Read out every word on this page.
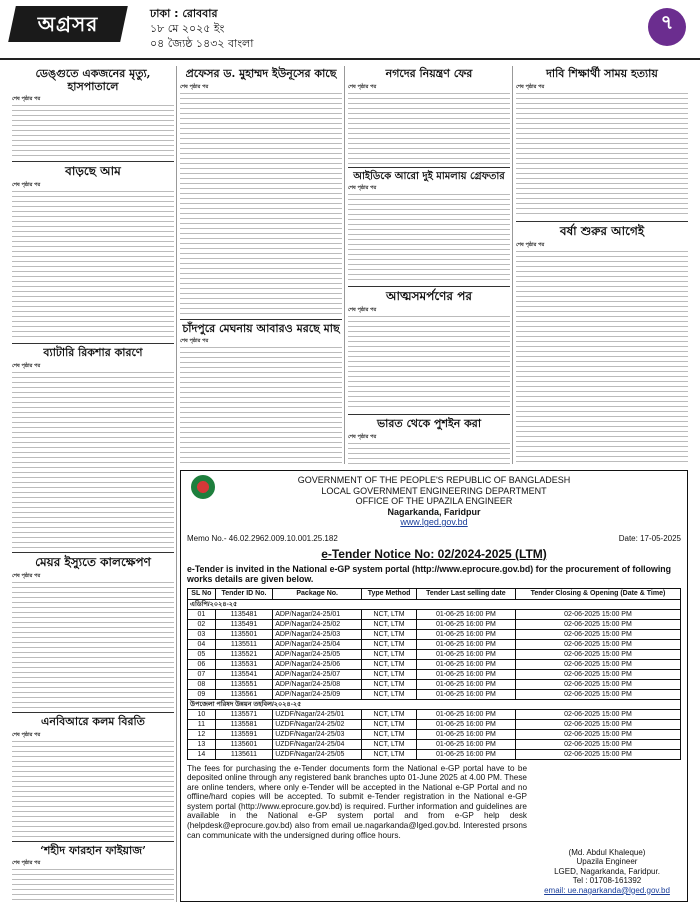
অগ্রসর	ঢাকা : রোববার
১৮ মে ২০২৫ ইং
০৪ জ্যৈষ্ঠ ১৪৩২ বাংলা
৭
ডেঙ্গুতে একজনের মৃত্যু, হাসপাতালে
শেষ পৃষ্ঠার পর
বাড়ছে আম
শেষ পৃষ্ঠার পর
ব্যাটারি রিকশার কারণে
শেষ পৃষ্ঠার পর
মেয়র ইস্যুতে কালক্ষেপণ
শেষ পৃষ্ঠার পর
এনবিআরে কলম বিরতি
শেষ পৃষ্ঠার পর
‘শহীদ ফারহান ফাইয়াজ’
শেষ পৃষ্ঠার পর
প্রফেসর ড. মুহাম্মদ ইউনূসের কাছে
শেষ পৃষ্ঠার পর
চাঁদপুরে মেঘনায় আবারও মরছে মাছ
শেষ পৃষ্ঠার পর
নগদের নিয়ন্ত্রণ ফের
শেষ পৃষ্ঠার পর
আইডিকে আরো দুই মামলায় গ্রেফতার
শেষ পৃষ্ঠার পর
আত্মসমর্পণের পর
শেষ পৃষ্ঠার পর
ভারত থেকে পুশইন করা
শেষ পৃষ্ঠার পর
দাবি শিক্ষার্থী সাময় হত্যায়
শেষ পৃষ্ঠার পর
বর্ষা শুরুর আগেই
শেষ পৃষ্ঠার পর
GOVERNMENT OF THE PEOPLE'S REPUBLIC OF BANGLADESH
LOCAL GOVERNMENT ENGINEERING DEPARTMENT
OFFICE OF THE UPAZILA ENGINEER
Nagarkanda, Faridpur
www.lged.gov.bd
Memo No.- 46.02.2962.009.10.001.25.182	Date: 17-05-2025
e-Tender Notice No: 02/2024-2025 (LTM)
e-Tender is invited in the National e-GP system portal (http://www.eprocure.gov.bd) for the procurement of following works details are given below.
SL No	Tender ID No.	Package No.	Type Method	Tender Last selling date	Tender Closing & Opening (Date & Time)
এডিপি/২০২৪-২৫					
01	1135481	ADP/Nagar/24-25/01	NCT, LTM	01-06-25 16:00 PM	02-06-2025 15:00 PM
02	1135491	ADP/Nagar/24-25/02	NCT, LTM	01-06-25 16:00 PM	02-06-2025 15:00 PM
03	1135501	ADP/Nagar/24-25/03	NCT, LTM	01-06-25 16:00 PM	02-06-2025 15:00 PM
04	1135511	ADP/Nagar/24-25/04	NCT, LTM	01-06-25 16:00 PM	02-06-2025 15:00 PM
05	1135521	ADP/Nagar/24-25/05	NCT, LTM	01-06-25 16:00 PM	02-06-2025 15:00 PM
06	1135531	ADP/Nagar/24-25/06	NCT, LTM	01-06-25 16:00 PM	02-06-2025 15:00 PM
07	1135541	ADP/Nagar/24-25/07	NCT, LTM	01-06-25 16:00 PM	02-06-2025 15:00 PM
08	1135551	ADP/Nagar/24-25/08	NCT, LTM	01-06-25 16:00 PM	02-06-2025 15:00 PM
09	1135561	ADP/Nagar/24-25/09	NCT, LTM	01-06-25 16:00 PM	02-06-2025 15:00 PM
উপজেলা পরিষদ উন্নয়ন তহবিল/২০২৪-২৫					
10	1135571	UZDF/Nagar/24-25/01	NCT, LTM	01-06-25 16:00 PM	02-06-2025 15:00 PM
11	1135581	UZDF/Nagar/24-25/02	NCT, LTM	01-06-25 16:00 PM	02-06-2025 15:00 PM
12	1135591	UZDF/Nagar/24-25/03	NCT, LTM	01-06-25 16:00 PM	02-06-2025 15:00 PM
13	1135601	UZDF/Nagar/24-25/04	NCT, LTM	01-06-25 16:00 PM	02-06-2025 15:00 PM
14	1135611	UZDF/Nagar/24-25/05	NCT, LTM	01-06-25 16:00 PM	02-06-2025 15:00 PM
The fees for purchasing the e-Tender documents form the National e-GP portal have to be deposited online through any registered bank branches upto 01-June 2025 at 4.00 PM. These are online tenders, where only e-Tender will be accepted in the National e-GP Portal and no offline/hard copies will be accepted. To submit e-Tender registration in the National e-GP system portal (http://www.eprocure.gov.bd) is required. Further information and guidelines are available in the National e-GP system portal and from e-GP help desk (helpdesk@eprocure.gov.bd) also from email ue.nagarkanda@lged.gov.bd. Interested prsons can communicate with the undersigned during office hours.
(Md. Abdul Khaleque)
Upazila Engineer
LGED, Nagarkanda, Faridpur.
Tel : 01708-161392
email: ue.nagarkanda@lged.gov.bd
